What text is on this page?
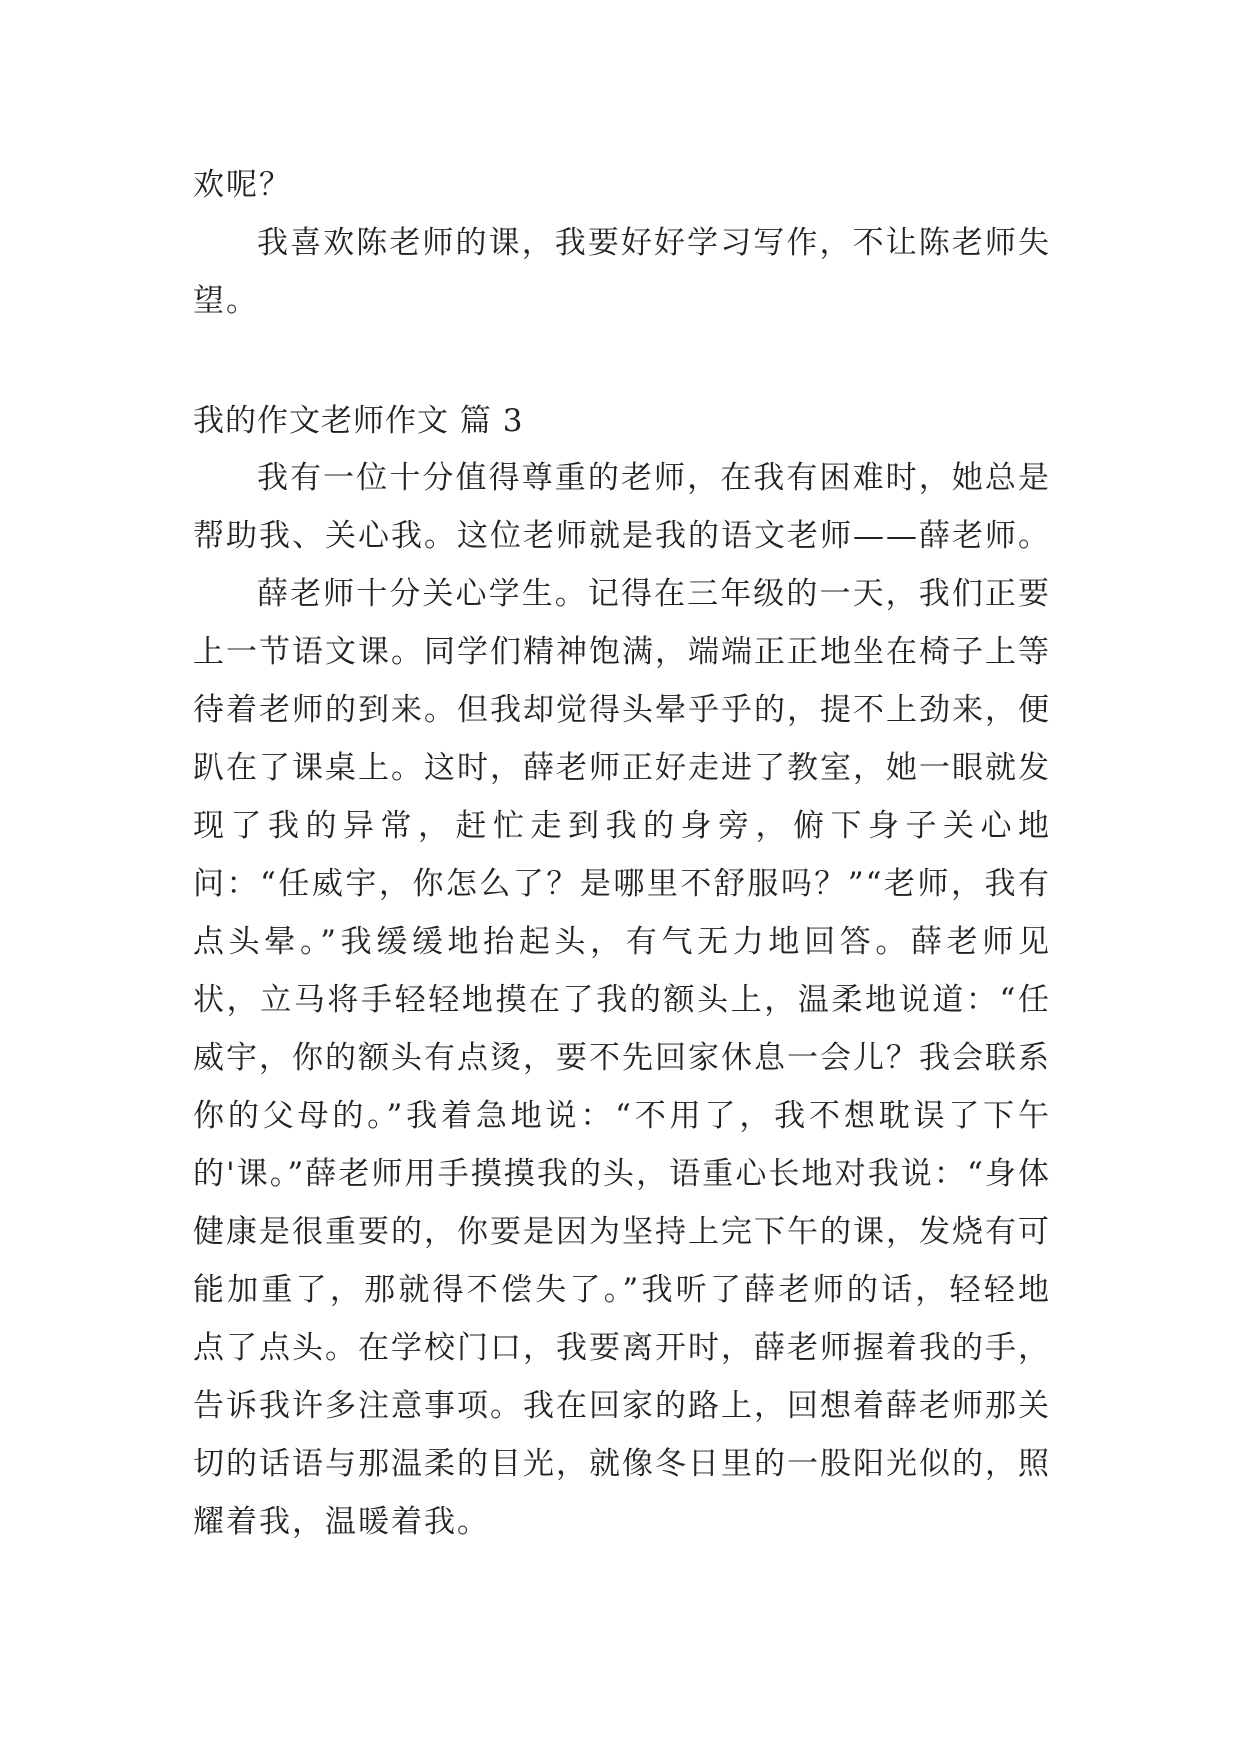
欢呢？

我喜欢陈老师的课，我要好好学习写作，不让陈老师失望。

我的作文老师作文 篇 3

我有一位十分值得尊重的老师，在我有困难时，她总是帮助我、关心我。这位老师就是我的语文老师——薛老师。

薛老师十分关心学生。记得在三年级的一天，我们正要上一节语文课。同学们精神饱满，端端正正地坐在椅子上等待着老师的到来。但我却觉得头晕乎乎的，提不上劲来，便趴在了课桌上。这时，薛老师正好走进了教室，她一眼就发现了我的异常，赶忙走到我的身旁，俯下身子关心地问：“任威宇，你怎么了？是哪里不舒服吗？”“老师，我有点头晕。”我缓缓地抬起头，有气无力地回答。薛老师见状，立马将手轻轻地摸在了我的额头上，温柔地说道：“任威宇，你的额头有点烫，要不先回家休息一会儿？我会联系你的父母的。”我着急地说：“不用了，我不想耽误了下午的'课。”薛老师用手摸摸我的头，语重心长地对我说：“身体健康是很重要的，你要是因为坚持上完下午的课，发烧有可能加重了，那就得不偿失了。”我听了薛老师的话，轻轻地点了点头。在学校门口，我要离开时，薛老师握着我的手，告诉我许多注意事项。我在回家的路上，回想着薛老师那关切的话语与那温柔的目光，就像冬日里的一股阳光似的，照耀着我，温暖着我。
